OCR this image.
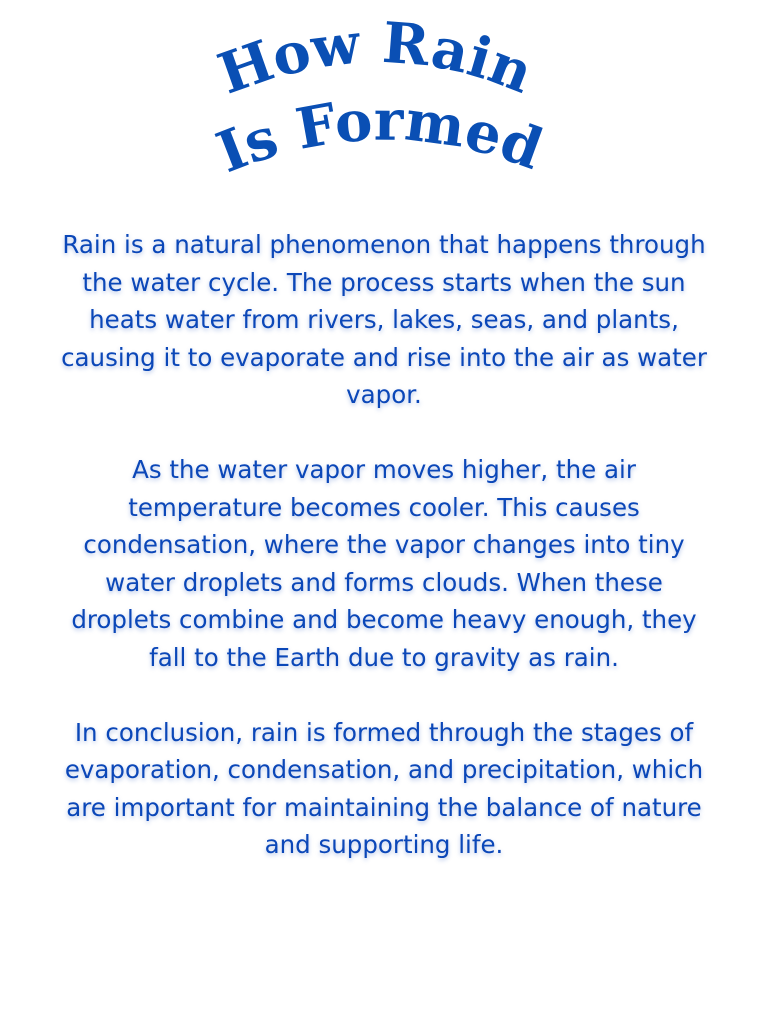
How Rain
Is Formed

Rain is a natural phenomenon that happens through the water cycle. The process starts when the sun heats water from rivers, lakes, seas, and plants, causing it to evaporate and rise into the air as water vapor.

As the water vapor moves higher, the air temperature becomes cooler. This causes condensation, where the vapor changes into tiny water droplets and forms clouds. When these droplets combine and become heavy enough, they fall to the Earth due to gravity as rain.

In conclusion, rain is formed through the stages of evaporation, condensation, and precipitation, which are important for maintaining the balance of nature and supporting life.
